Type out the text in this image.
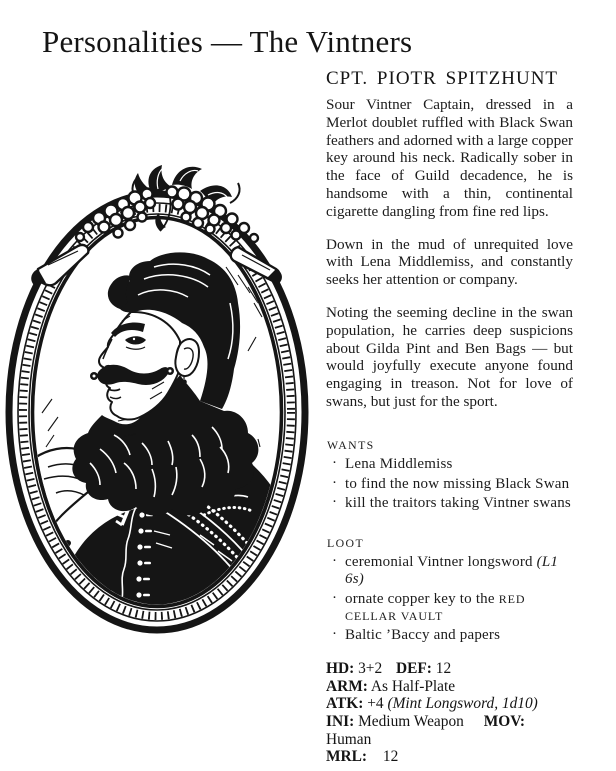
Personalities — The Vintners
CPT. PIOTR SPITZHUNT

Sour Vintner Captain, dressed in a Merlot doublet ruffled with Black Swan feathers and adorned with a large copper key around his neck. Radically sober in the face of Guild decadence, he is handsome with a thin, continental cigarette dangling from fine red lips.

Down in the mud of unrequited love with Lena Middlemiss, and constantly seeks her attention or company.

Noting the seeming decline in the swan population, he carries deep suspicions about Gilda Pint and Ben Bags — but would joyfully execute anyone found engaging in treason. Not for love of swans, but just for the sport.

WANTS
· Lena Middlemiss
· to find the now missing Black Swan
· kill the traitors taking Vintner swans
LOOT
· ceremonial Vintner longsword (L1 6s)
· ornate copper key to the RED CELLAR VAULT
· Baltic ’Baccy and papers
HD: 3+2 DEF: 12
ARM: As Half-Plate
ATK: +4 (Mint Longsword, 1d10)
INI: Medium Weapon MOV: Human
MRL: 12
